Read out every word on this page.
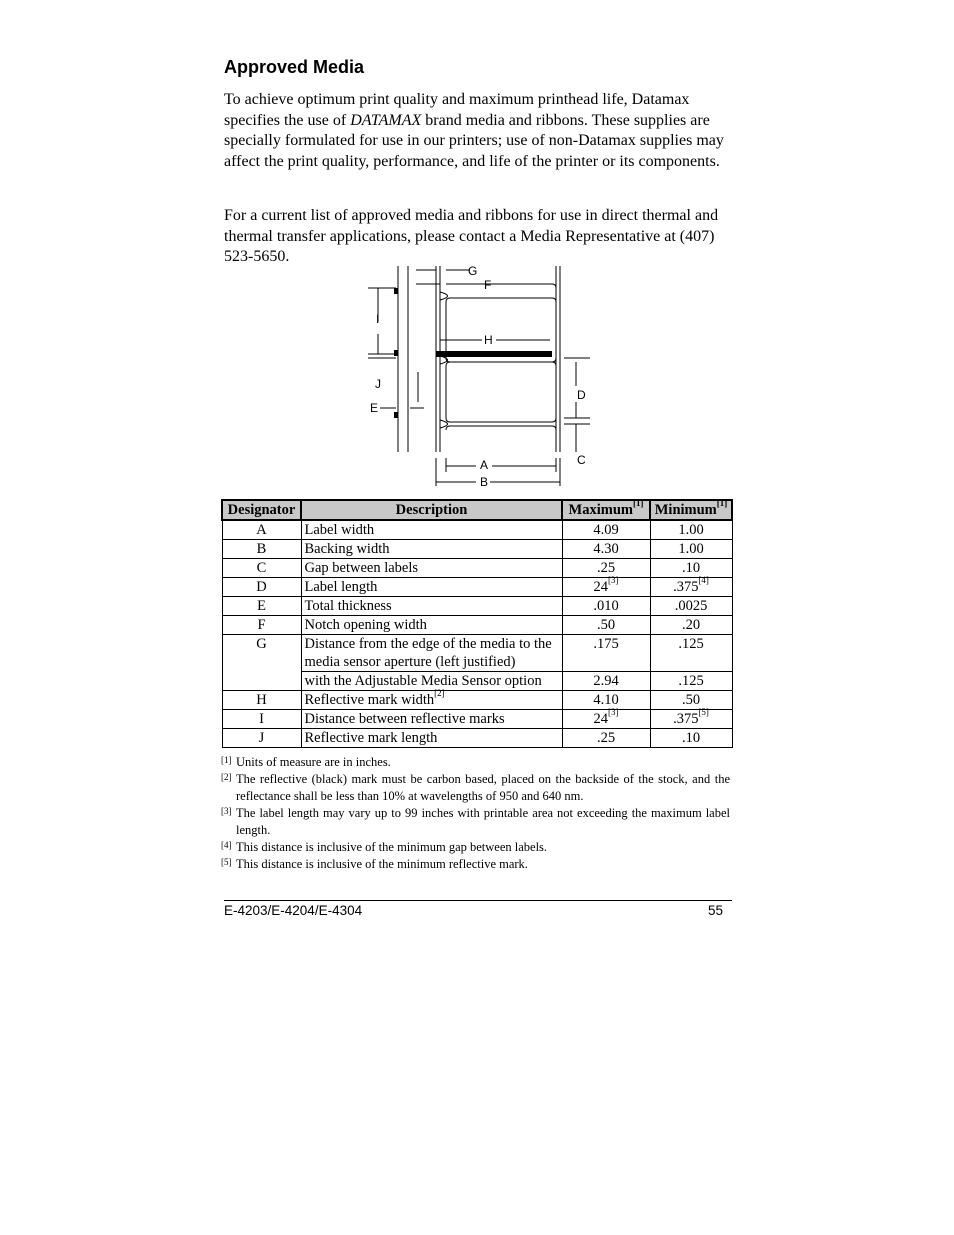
Approved Media

To achieve optimum print quality and maximum printhead life, Datamax specifies the use of DATAMAX brand media and ribbons. These supplies are specially formulated for use in our printers; use of non-Datamax supplies may affect the print quality, performance, and life of the printer or its components.

For a current list of approved media and ribbons for use in direct thermal and thermal transfer applications, please contact a Media Representative at (407) 523-5650.

G
F
H
I
J
E
D
C
A
B
Designator	Description	Maximum[1]	Minimum[1]
A	Label width	4.09	1.00
B	Backing width	4.30	1.00
C	Gap between labels	.25	.10
D	Label length	24[3]	.375[4]
E	Total thickness	.010	.0025
F	Notch opening width	.50	.20
G	Distance from the edge of the media to the media sensor aperture (left justified)	.175	.125
	with the Adjustable Media Sensor option	2.94	.125
H	Reflective mark width[2]	4.10	.50
I	Distance between reflective marks	24[3]	.375[5]
J	Reflective mark length	.25	.10
[1] Units of measure are in inches.
[2] The reflective (black) mark must be carbon based, placed on the backside of the stock, and the reflectance shall be less than 10% at wavelengths of 950 and 640 nm.
[3] The label length may vary up to 99 inches with printable area not exceeding the maximum label length.
[4] This distance is inclusive of the minimum gap between labels.
[5] This distance is inclusive of the minimum reflective mark.
E-4203/E-4204/E-4304	55
